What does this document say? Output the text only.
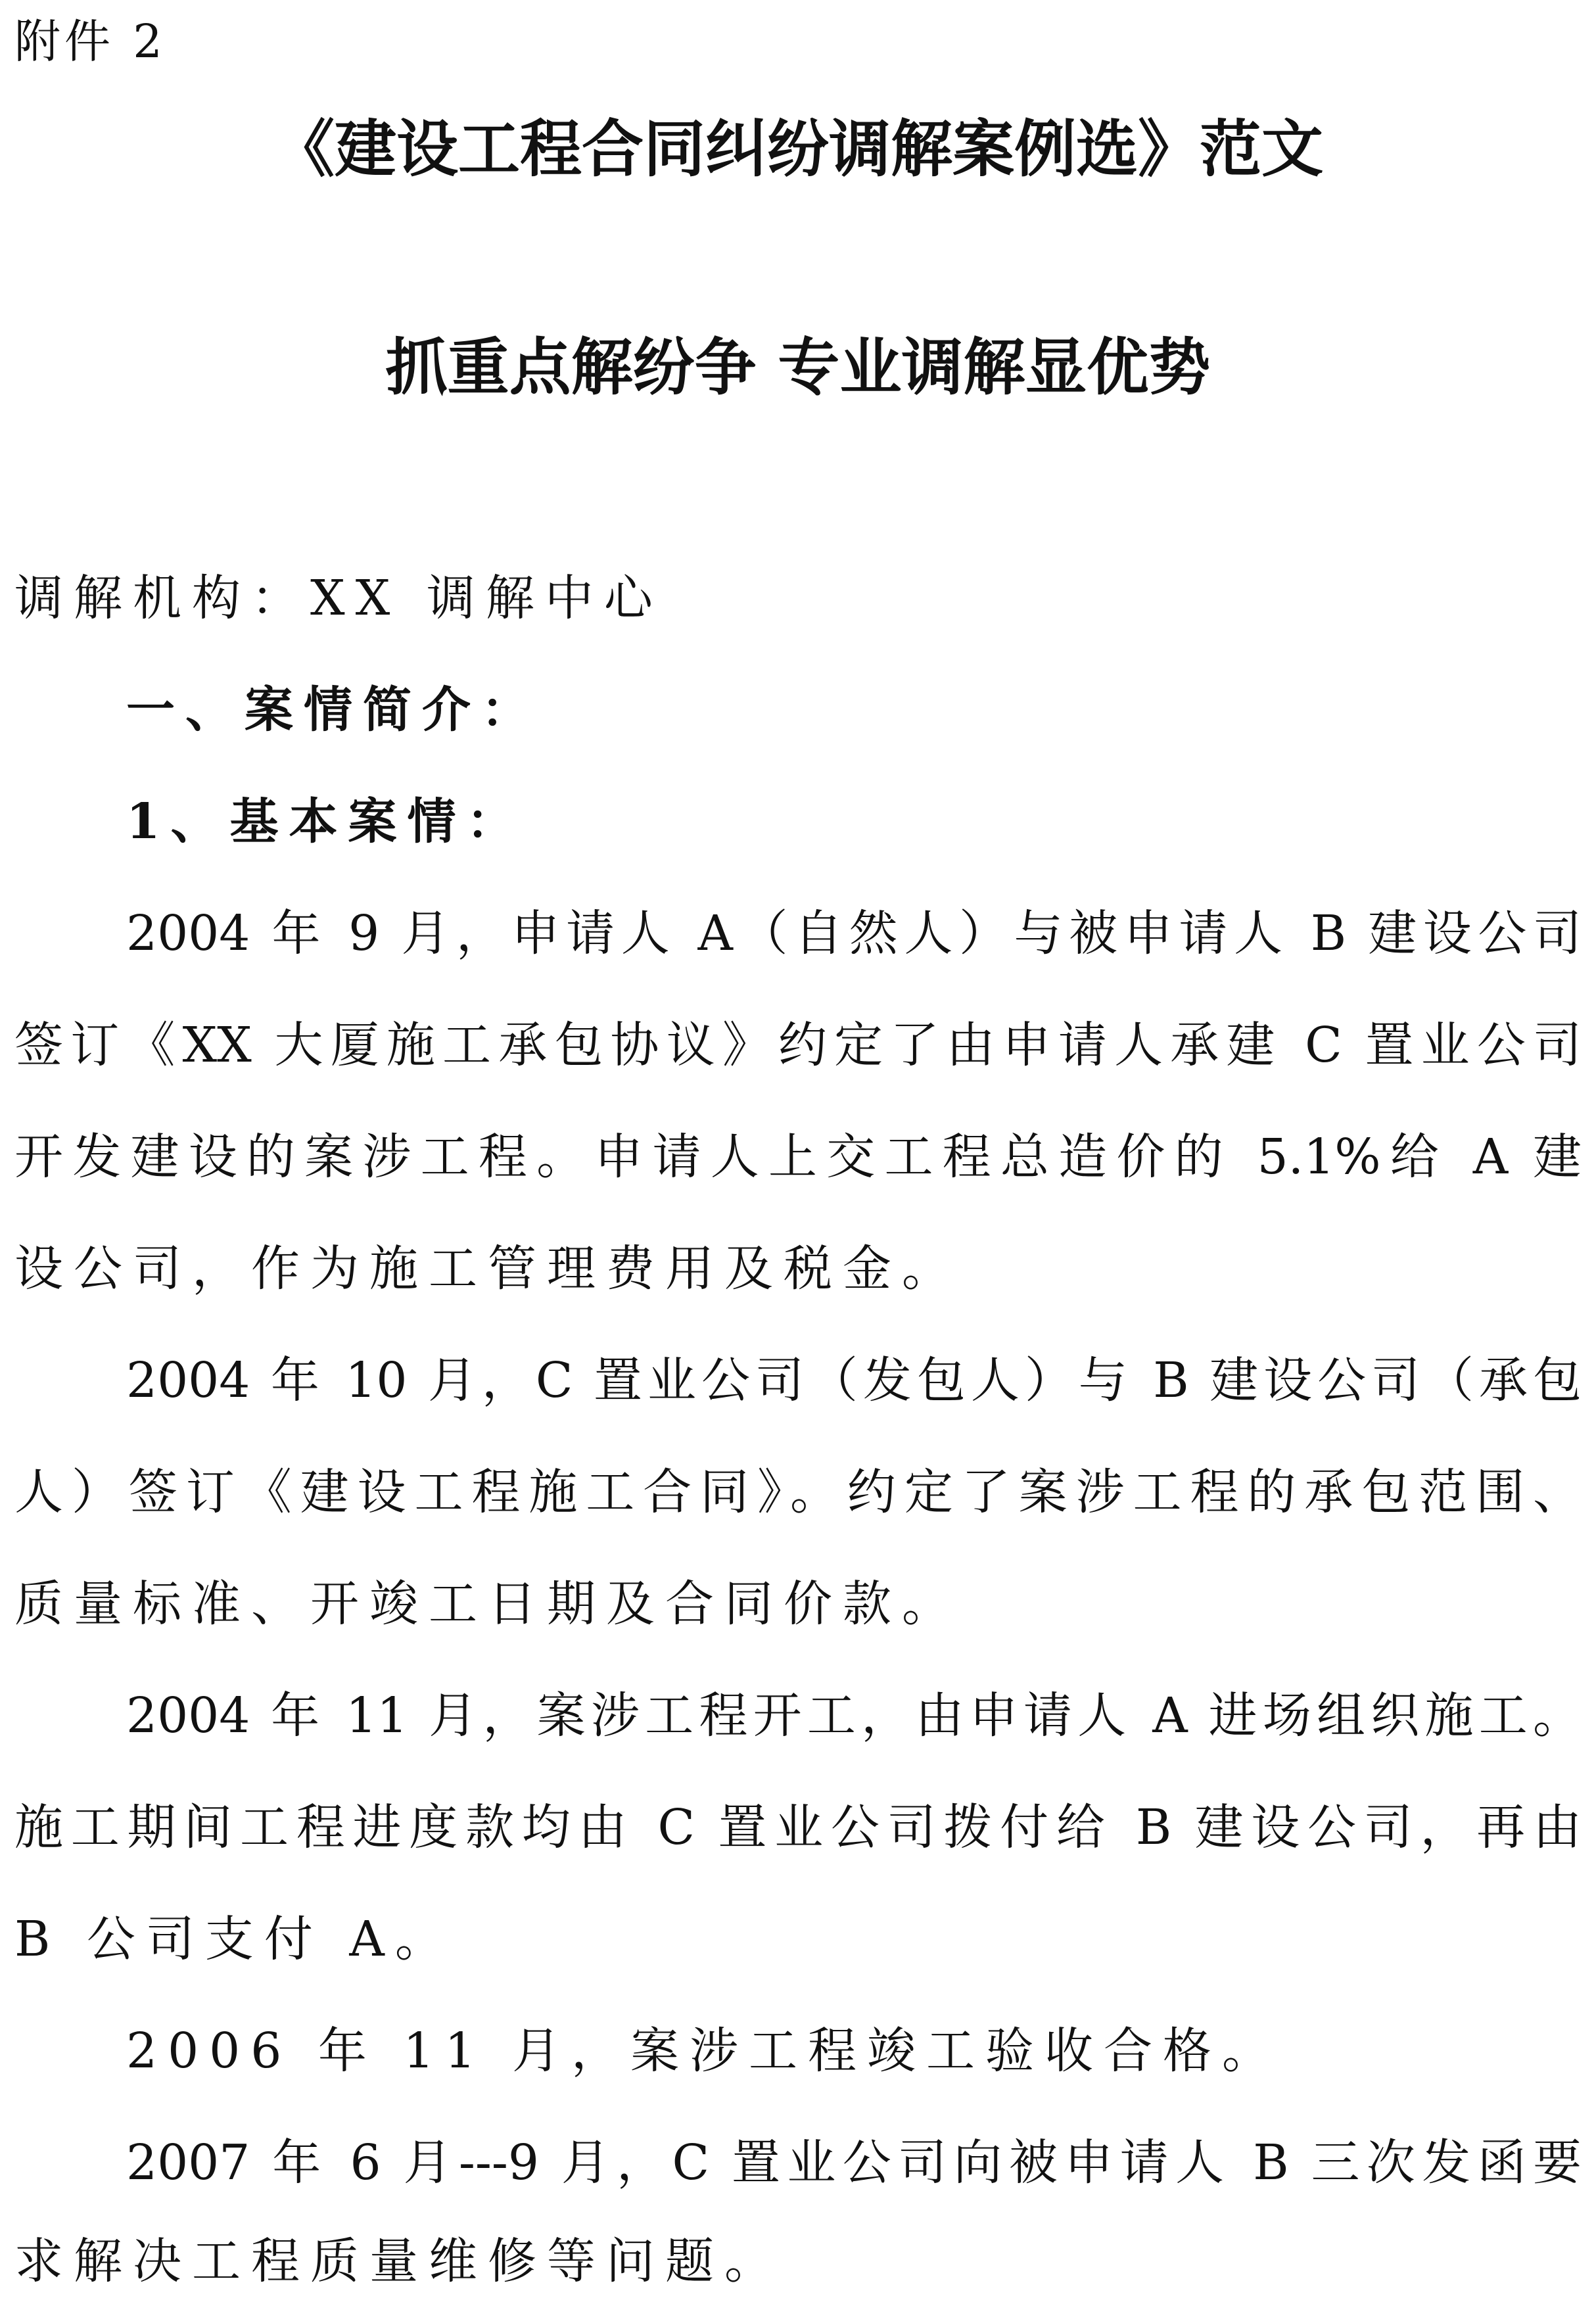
附件 2
《建设工程合同纠纷调解案例选》范文
抓重点解纷争 专业调解显优势
调解机构：XX 调解中心
一、案情简介：
1、基本案情：
2004 年 9 月，申请人 A（自然人）与被申请人 B 建设公司
签订《XX 大厦施工承包协议》约定了由申请人承建 C 置业公司
开发建设的案涉工程。申请人上交工程总造价的 5.1%给 A 建
设公司，作为施工管理费用及税金。
2004 年 10 月，C 置业公司（发包人）与 B 建设公司（承包
人）签订《建设工程施工合同》。约定了案涉工程的承包范围、
质量标准、开竣工日期及合同价款。
2004 年 11 月，案涉工程开工，由申请人 A 进场组织施工。
施工期间工程进度款均由 C 置业公司拨付给 B 建设公司，再由
B 公司支付 A。
2006 年 11 月，案涉工程竣工验收合格。
2007 年 6 月---9 月，C 置业公司向被申请人 B 三次发函要
求解决工程质量维修等问题。
